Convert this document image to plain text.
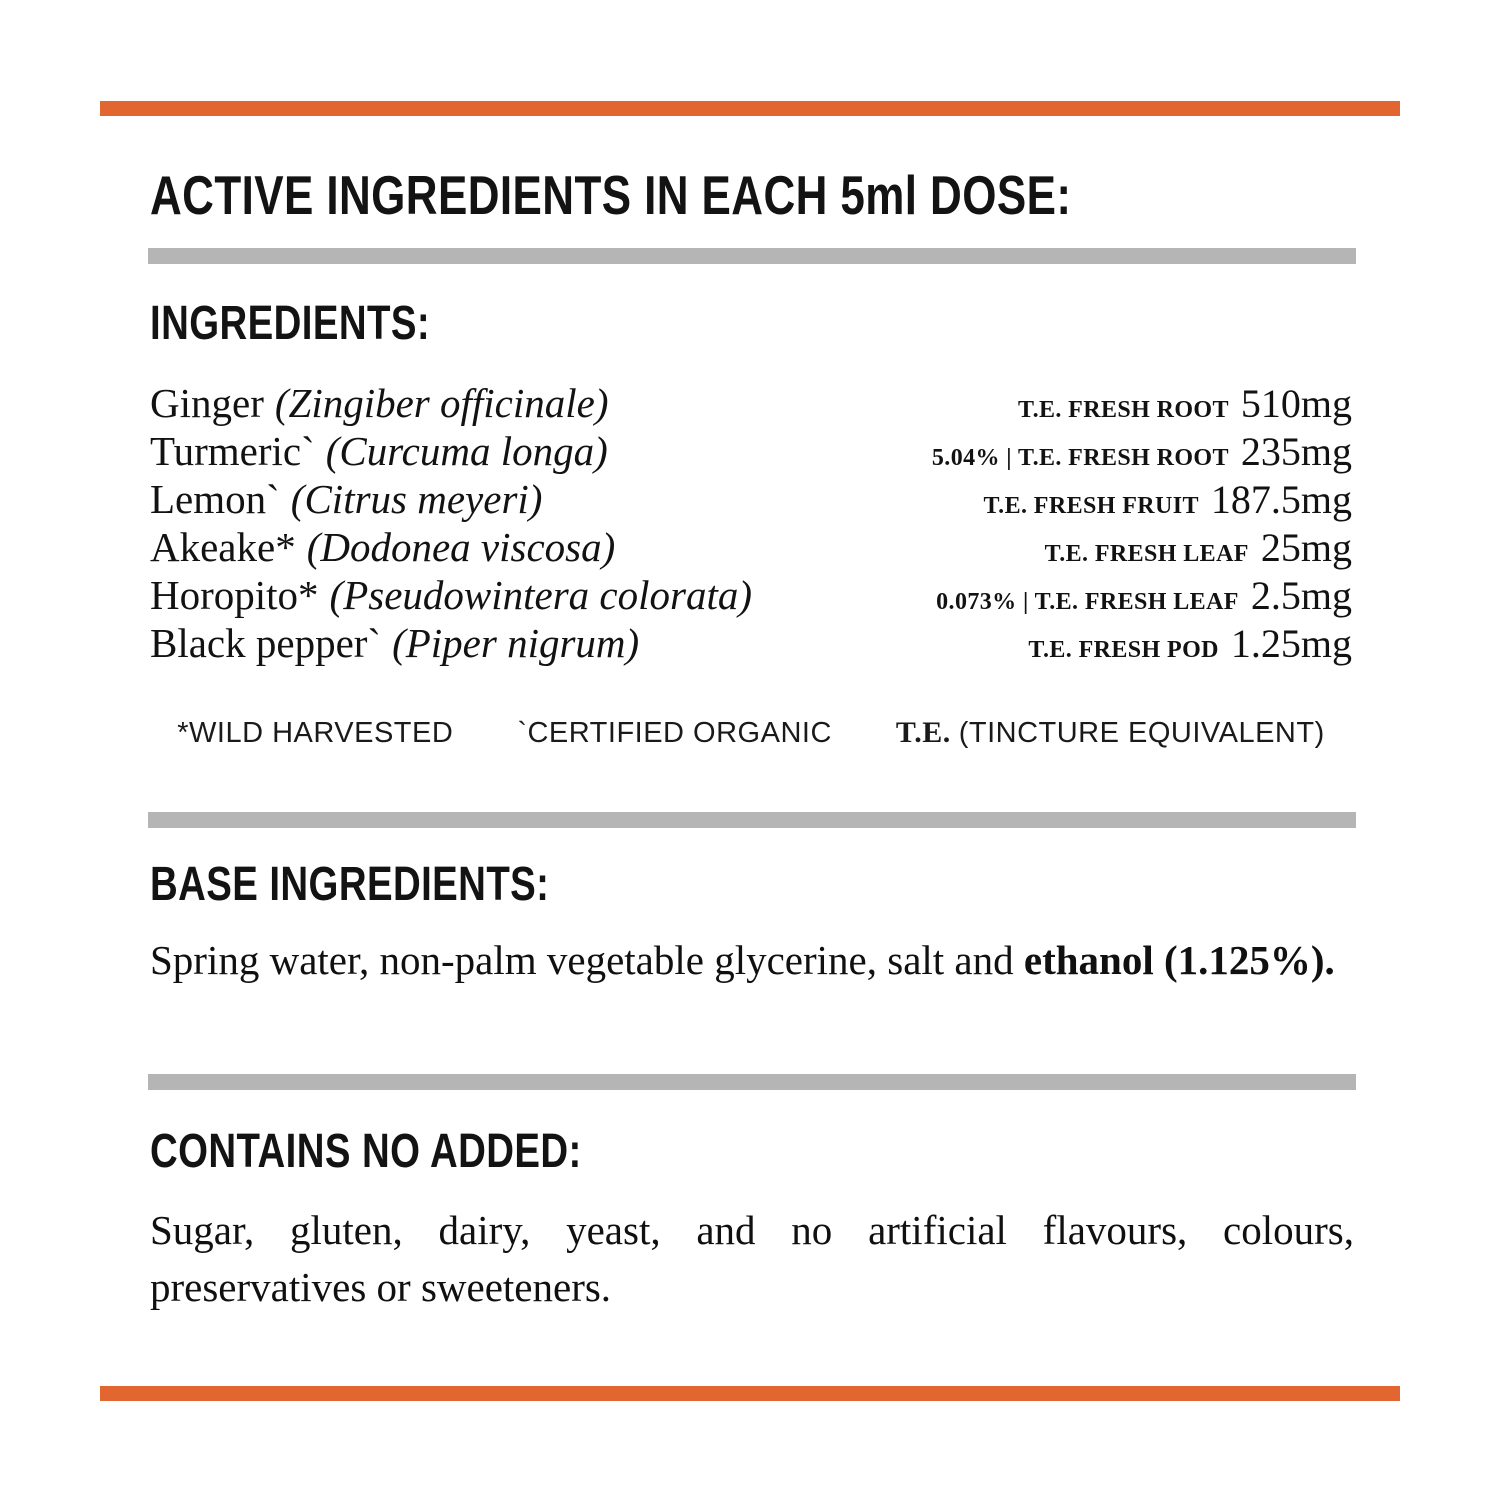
ACTIVE INGREDIENTS IN EACH 5ml DOSE:
INGREDIENTS:
Ginger (Zingiber officinale)	T.E. FRESH ROOT 510mg
Turmeric` (Curcuma longa)	5.04% | T.E. FRESH ROOT 235mg
Lemon` (Citrus meyeri)	T.E. FRESH FRUIT 187.5mg
Akeake* (Dodonea viscosa)	T.E. FRESH LEAF 25mg
Horopito* (Pseudowintera colorata)	0.073% | T.E. FRESH LEAF 2.5mg
Black pepper` (Piper nigrum)	T.E. FRESH POD 1.25mg
*WILD HARVESTED `CERTIFIED ORGANIC T.E. (TINCTURE EQUIVALENT)
BASE INGREDIENTS:

Spring water, non-palm vegetable glycerine, salt and ethanol (1.125%).

CONTAINS NO ADDED:

Sugar, gluten, dairy, yeast, and no artificial flavours, colours, preservatives or sweeteners.
